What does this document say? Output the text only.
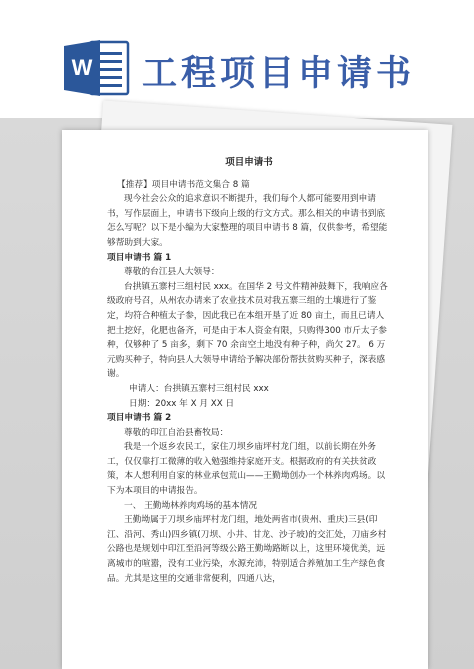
W 工程项目申请书

项目申请书

【推荐】项目申请书范文集合 8 篇

现今社会公众的追求意识不断提升，我们每个人都可能要用到申请书，写作层面上，申请书下级向上级的行文方式。那么相关的申请书到底怎么写呢？以下是小编为大家整理的项目申请书 8 篇，仅供参考，希望能够帮助到大家。

项目申请书 篇 1

尊敬的台江县人大领导：

台拱镇五寨村三组村民 xxx。在国华 2 号文件精神鼓舞下，我响应各级政府号召，从州农办请来了农业技术员对我五寨三组的土壤进行了鉴定，均符合种植太子参，因此我已在本组开垦了近 80 亩土，而且已请人把土挖好，化肥也备齐，可是由于本人资金有限，只购得300 市斤太子参种，仅够种了 5 亩多，剩下 70 余亩空土地没有种子种，尚欠 27。 6 万元购买种子，特向县人大领导申请给予解决部份帮扶贫购买种子，深表感谢。

申请人：台拱镇五寨村三组村民 xxx

日期：20xx 年 X 月 XX 日

项目申请书 篇 2

尊敬的印江自治县畜牧局：

我是一个返乡农民工，家住刀坝乡庙坪村龙门组，以前长期在外务工，仅仅靠打工微薄的收入勉强维持家庭开支。根据政府的有关扶贫政策，本人想利用自家的林业承包荒山——王勤坳创办一个林养肉鸡场。以下为本项目的申请报告。

一、 王勤坳林养肉鸡场的基本情况

王勤坳属于刀坝乡庙坪村龙门组，地处两省市(贵州、重庆)三县(印江、沿河、秀山)四乡镇(刀坝、小井、甘龙、沙子坡)的交汇处，刀庙乡村公路也是规划中印江至沿河等级公路王勤坳路断以上，这里环境优美，远离城市的喧嚣，没有工业污染，水源充沛，特别适合养殖加工生产绿色食品。尤其是这里的交通非常便利，四通八达，
